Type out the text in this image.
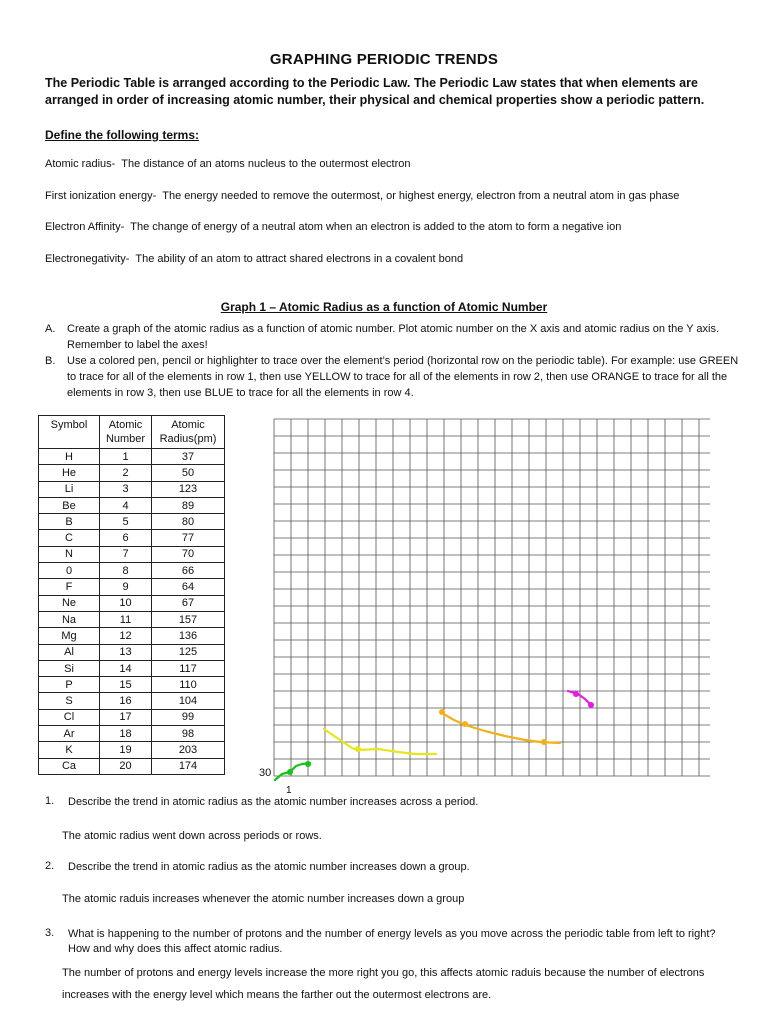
GRAPHING PERIODIC TRENDS
The Periodic Table is arranged according to the Periodic Law. The Periodic Law states that when elements are arranged in order of increasing atomic number, their physical and chemical properties show a periodic pattern.
Define the following terms:
Atomic radius- The distance of an atoms nucleus to the outermost electron
First ionization energy- The energy needed to remove the outermost, or highest energy, electron from a neutral atom in gas phase
Electron Affinity- The change of energy of a neutral atom when an electron is added to the atom to form a negative ion
Electronegativity- The ability of an atom to attract shared electrons in a covalent bond
Graph 1 – Atomic Radius as a function of Atomic Number
A. Create a graph of the atomic radius as a function of atomic number. Plot atomic number on the X axis and atomic radius on the Y axis. Remember to label the axes!
B. Use a colored pen, pencil or highlighter to trace over the element’s period (horizontal row on the periodic table). For example: use GREEN to trace for all of the elements in row 1, then use YELLOW to trace for all of the elements in row 2, then use ORANGE to trace for all the elements in row 3, then use BLUE to trace for all the elements in row 4.
Symbol	Atomic Number	Atomic Radius(pm)
H	1	37
He	2	50
Li	3	123
Be	4	89
B	5	80
C	6	77
N	7	70
0	8	66
F	9	64
Ne	10	67
Na	11	157
Mg	12	136
Al	13	125
Si	14	117
P	15	110
S	16	104
Cl	17	99
Ar	18	98
K	19	203
Ca	20	174
30
1
1. Describe the trend in atomic radius as the atomic number increases across a period.
The atomic radius went down across periods or rows.
2. Describe the trend in atomic radius as the atomic number increases down a group.
The atomic raduis increases whenever the atomic number increases down a group
3. What is happening to the number of protons and the number of energy levels as you move across the periodic table from left to right? How and why does this affect atomic radius.
The number of protons and energy levels increase the more right you go, this affects atomic raduis because the number of electrons increases with the energy level which means the farther out the outermost electrons are.
